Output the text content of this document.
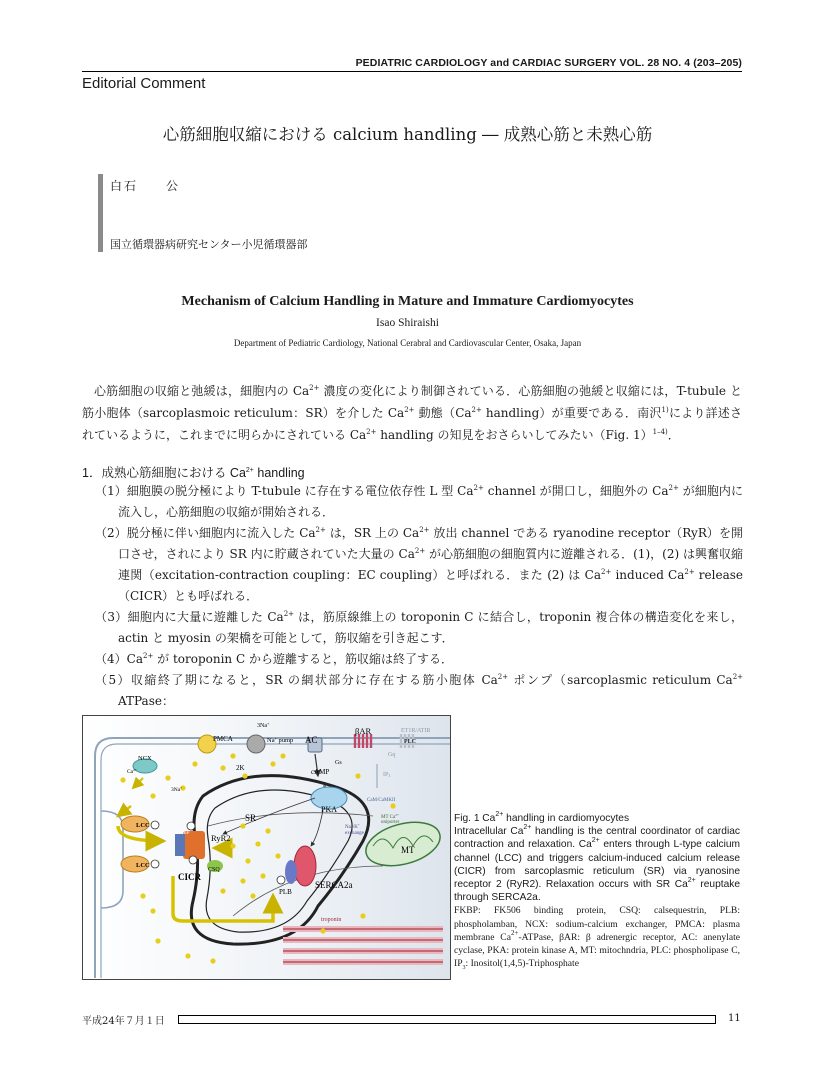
PEDIATRIC CARDIOLOGY and CARDIAC SURGERY VOL. 28 NO. 4 (203–205)
Editorial Comment
心筋細胞収縮における calcium handling ― 成熟心筋と未熟心筋
白石 公
国立循環器病研究センター小児循環器部
Mechanism of Calcium Handling in Mature and Immature Cardiomyocytes
Isao Shiraishi
Department of Pediatric Cardiology, National Cerabral and Cardiovascular Center, Osaka, Japan

心筋細胞の収縮と弛緩は，細胞内の $Ca^{2+}$ 濃度の変化により制御されている．心筋細胞の弛緩と収縮には，T-tubule と筋小胞体（sarcoplasmoic reticulum：SR）を介した $Ca^{2+}$ 動態（$Ca^{2+}$ handling）が重要である．南沢$^{1)}$により詳述されているように，これまでに明らかにされている $Ca^{2+}$ handling の知見をおさらいしてみたい（Fig. 1）$^{1-4)}$．

1．成熟心筋細胞における $Ca^{2+}$ handling

（1）細胞膜の脱分極により T-tubule に存在する電位依存性 L 型 $Ca^{2+}$ channel が開口し，細胞外の $Ca^{2+}$ が細胞内に流入し，心筋細胞の収縮が開始される．

（2）脱分極に伴い細胞内に流入した $Ca^{2+}$ は，SR 上の $Ca^{2+}$ 放出 channel である ryanodine receptor（RyR）を開口させ，されにより SR 内に貯蔵されていた大量の $Ca^{2+}$ が心筋細胞の細胞質内に遊離される．(1)，(2) は興奮収縮連関（excitation-contraction coupling：EC coupling）と呼ばれる．また (2) は $Ca^{2+}$ induced $Ca^{2+}$ release（CICR）とも呼ばれる．

（3）細胞内に大量に遊離した $Ca^{2+}$ は，筋原線維上の toroponin C に結合し，troponin 複合体の構造変化を来し，actin と myosin の架橋を可能として，筋収縮を引き起こす．

$(4)Ca^{2+}$ が toroponin C から遊離すると，筋収縮は終了する．

（5）収縮終了期になると，SR の網状部分に存在する筋小胞体 $Ca^{2+}$ ポンプ（sarcoplasmic reticulum $Ca^{2+}$ ATPase：

PMCA
3Na+
Na+ pump
2K
AC
βAR	ET1R/ATIR
PLC
Gs
Gq
IP3
cAMP
PKA
CaM/CaMKII
MT $Ca^{2+}$ uniporter
Na+/K+ exchange
MT
NCX
$Ca^{2+}$
3Na+
LCC
LCC
FKBP	RyR2
CSQ
CICR
SR
PLB
SERCA2a
troponin
Fig. 1 $Ca^{2+}$ handling in cardiomyocytes
Intracellular $Ca^{2+}$ handling is the central coordinator of cardiac contraction and relaxation. $Ca^{2+}$ enters through L-type calcium channel (LCC) and triggers calcium-induced calcium release (CICR) from sarcoplasmic reticulum (SR) via ryanosine receptor 2 (RyR2). Relaxation occurs with SR $Ca^{2+}$ reuptake through SERCA2a.
FKBP: FK506 binding protein, CSQ: calsequestrin, PLB: phospholamban, NCX: sodium-calcium exchanger, PMCA: plasma membrane $Ca^{2+}$-ATPase, βAR: β adrenergic receptor, AC: anenylate cyclase, PKA: protein kinase A, MT: mitochndria, PLC: phospholipase C, $IP_3$: Inositol(1,4,5)-Triphosphate
平成24年７月１日	11
